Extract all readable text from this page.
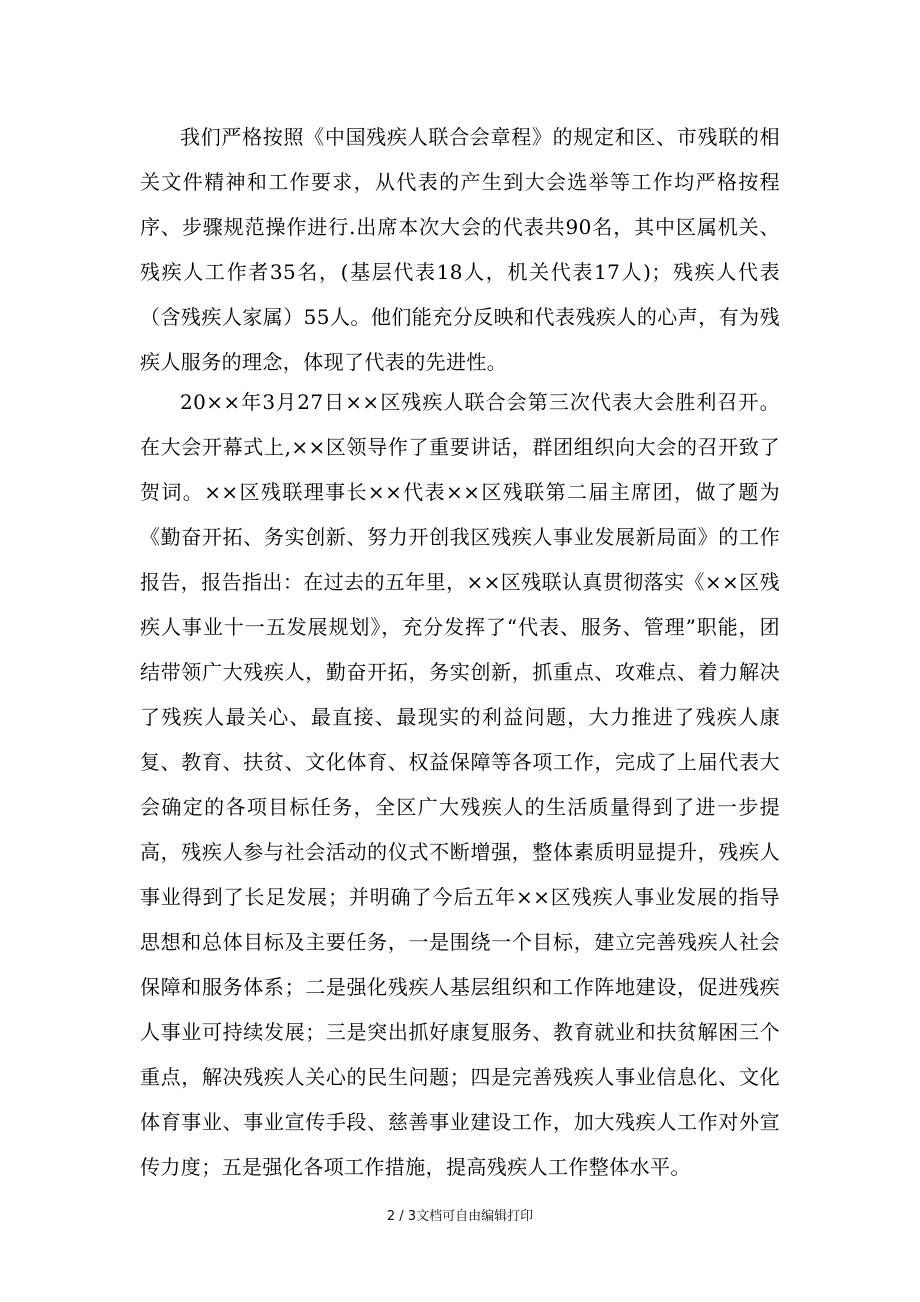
我们严格按照《中国残疾人联合会章程》的规定和区、市残联的相关文件精神和工作要求，从代表的产生到大会选举等工作均严格按程序、步骤规范操作进行.出席本次大会的代表共90名，其中区属机关、残疾人工作者35名，(基层代表18人，机关代表17人)；残疾人代表（含残疾人家属）55人。他们能充分反映和代表残疾人的心声，有为残疾人服务的理念，体现了代表的先进性。

20××年3月27日××区残疾人联合会第三次代表大会胜利召开。在大会开幕式上,××区领导作了重要讲话，群团组织向大会的召开致了贺词。××区残联理事长××代表××区残联第二届主席团，做了题为《勤奋开拓、务实创新、努力开创我区残疾人事业发展新局面》的工作报告，报告指出：在过去的五年里，××区残联认真贯彻落实《××区残疾人事业十一五发展规划》，充分发挥了“代表、服务、管理”职能，团结带领广大残疾人，勤奋开拓，务实创新，抓重点、攻难点、着力解决了残疾人最关心、最直接、最现实的利益问题，大力推进了残疾人康复、教育、扶贫、文化体育、权益保障等各项工作，完成了上届代表大会确定的各项目标任务，全区广大残疾人的生活质量得到了进一步提高，残疾人参与社会活动的仪式不断增强，整体素质明显提升，残疾人事业得到了长足发展；并明确了今后五年××区残疾人事业发展的指导思想和总体目标及主要任务，一是围绕一个目标，建立完善残疾人社会保障和服务体系；二是强化残疾人基层组织和工作阵地建设，促进残疾人事业可持续发展；三是突出抓好康复服务、教育就业和扶贫解困三个重点，解决残疾人关心的民生问题；四是完善残疾人事业信息化、文化体育事业、事业宣传手段、慈善事业建设工作，加大残疾人工作对外宣传力度；五是强化各项工作措施，提高残疾人工作整体水平。

2 / 3文档可自由编辑打印
